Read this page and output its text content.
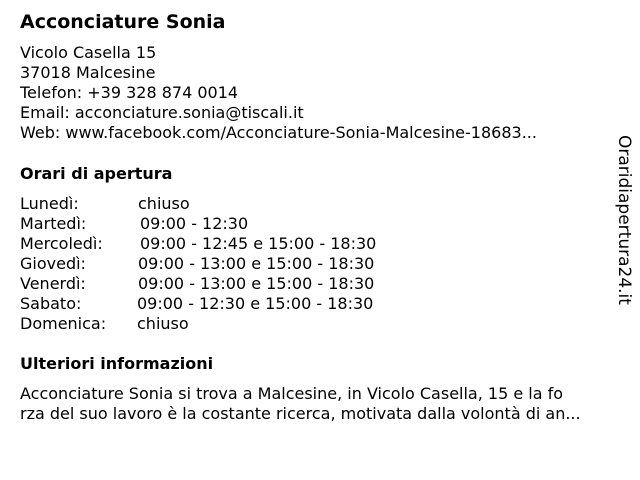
Acconciature Sonia
Vicolo Casella 15
37018 Malcesine
Telefon: +39 328 874 0014
Email: acconciature.sonia@tiscali.it
Web: www.facebook.com/Acconciature-Sonia-Malcesine-18683...
Orari di apertura
Lunedì:	chiuso
Martedì:	09:00 - 12:30
Mercoledì: 09:00 - 12:45 e 15:00 - 18:30
Giovedì:	09:00 - 13:00 e 15:00 - 18:30
Venerdì:	09:00 - 13:00 e 15:00 - 18:30
Sabato:	09:00 - 12:30 e 15:00 - 18:30
Domenica: chiuso
Ulteriori informazioni
Acconciature Sonia si trova a Malcesine, in Vicolo Casella, 15 e la fo
rza del suo lavoro è la costante ricerca, motivata dalla volontà di an...
Oraridiapertura24.it
